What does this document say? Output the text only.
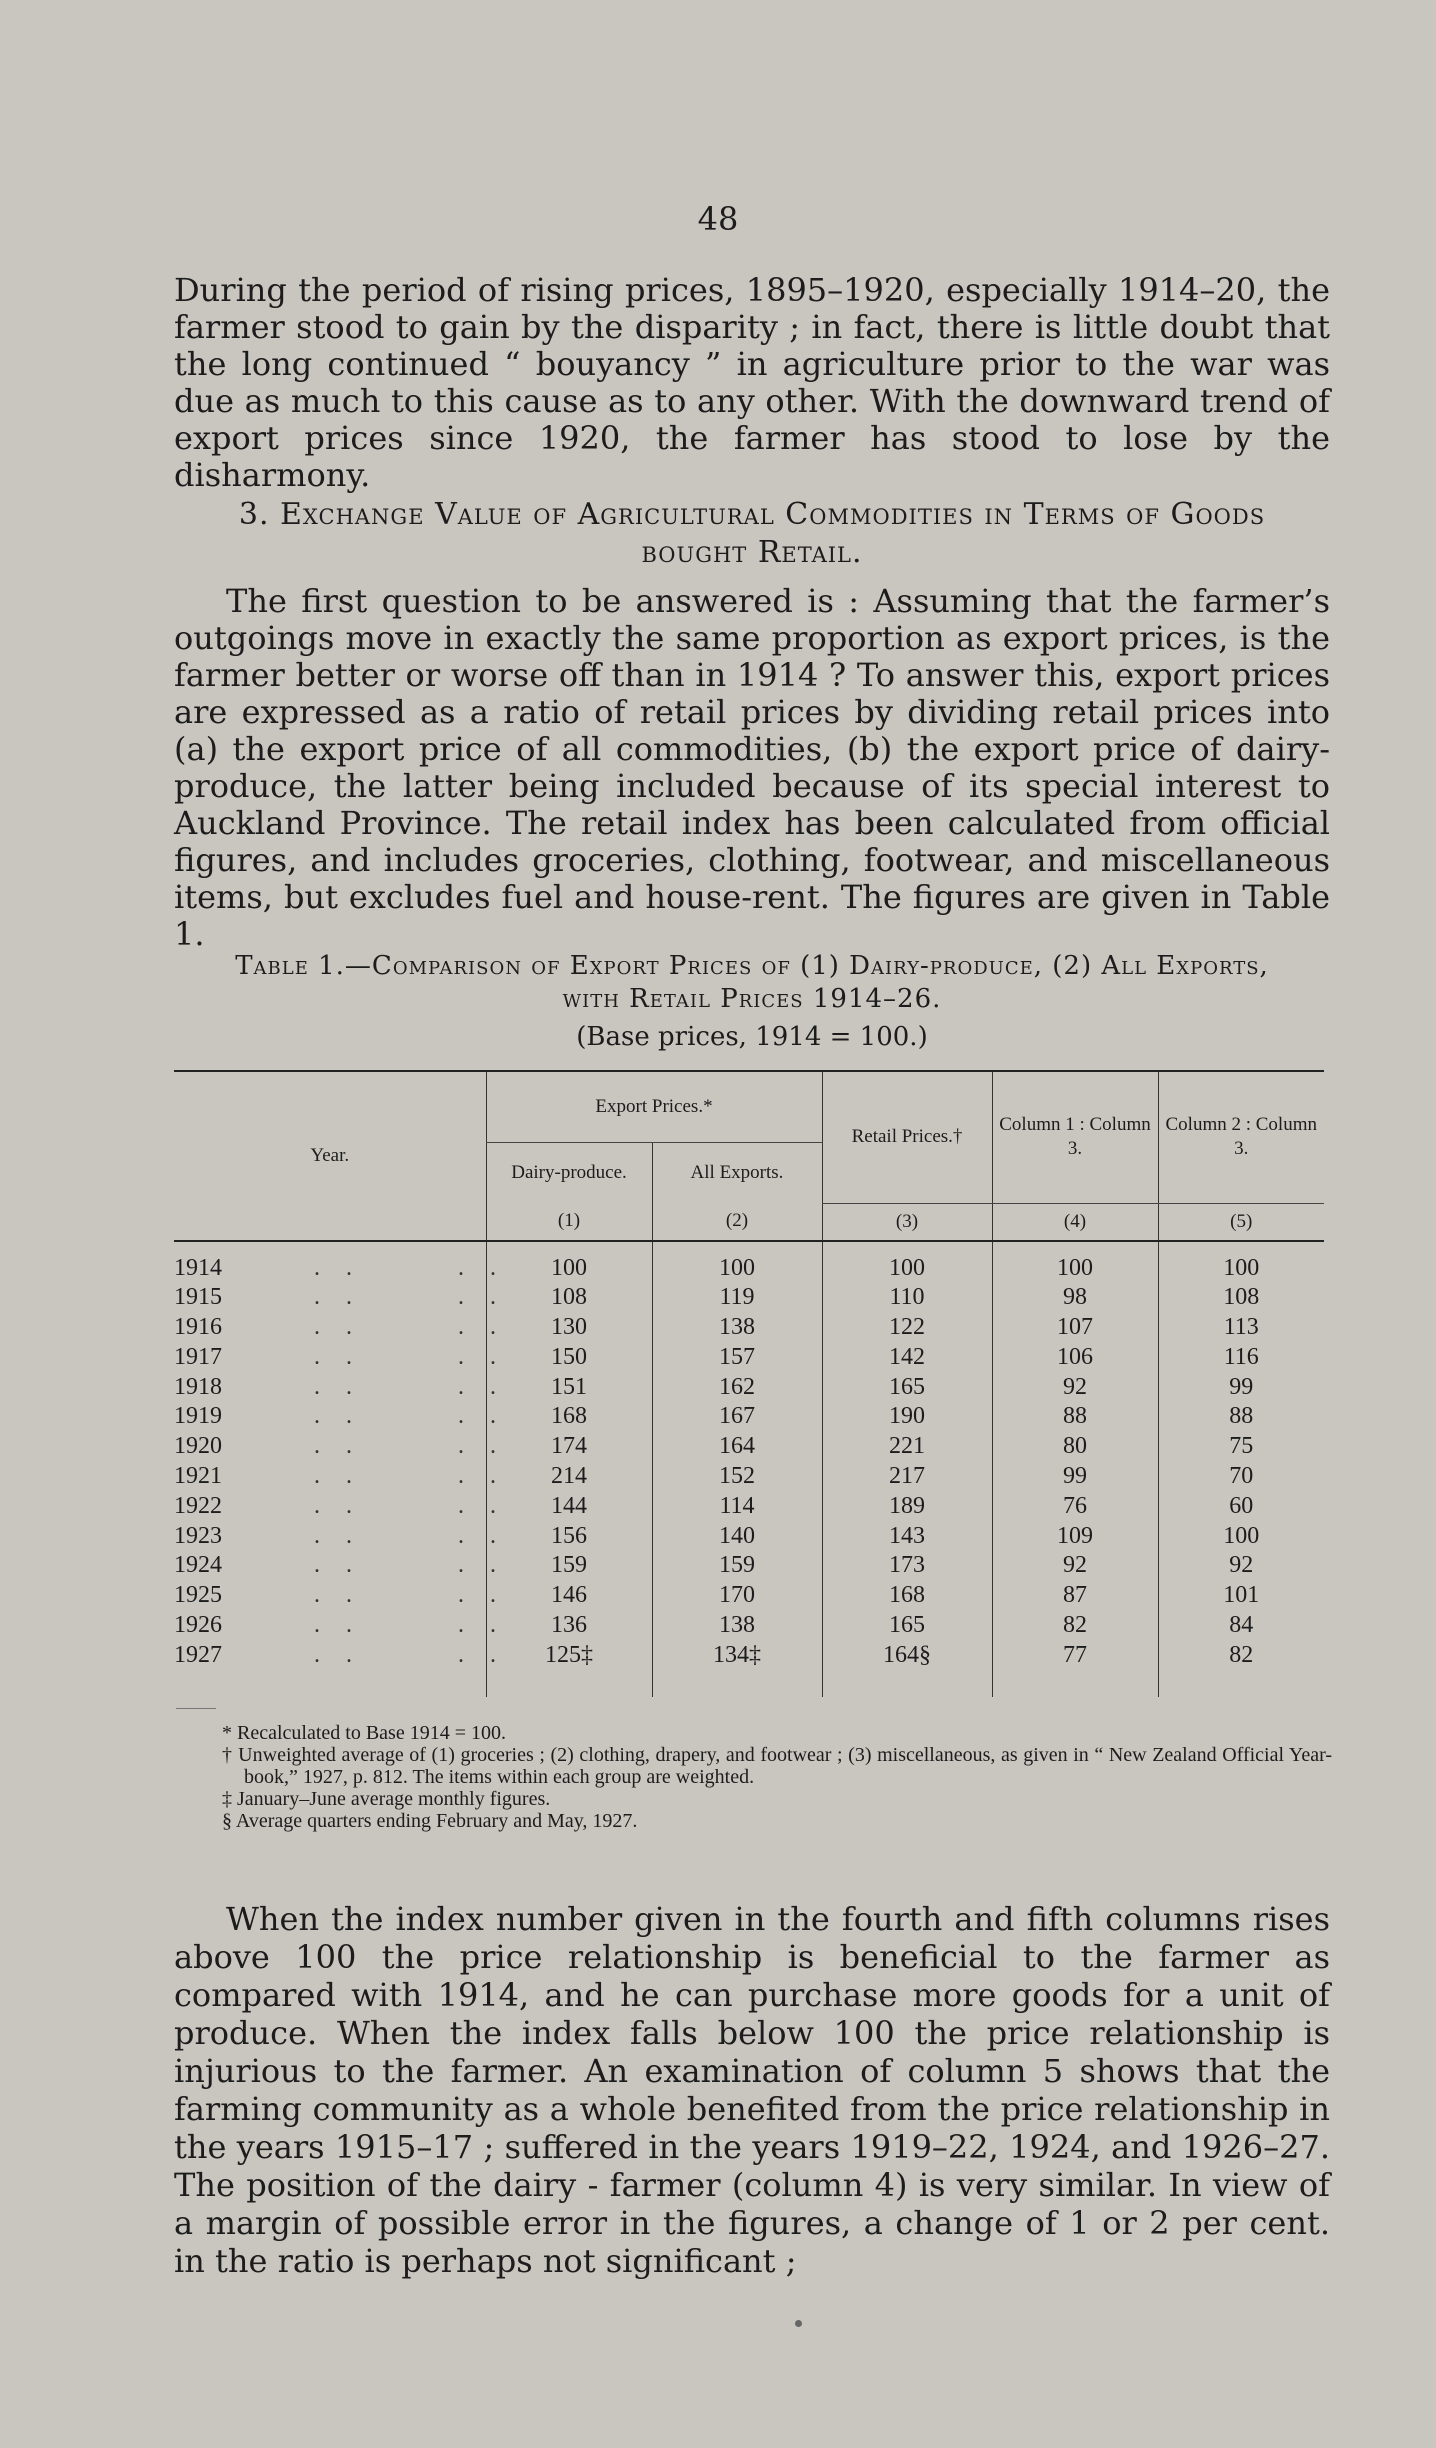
48

During the period of rising prices, 1895–1920, especially 1914–20, the farmer stood to gain by the disparity ; in fact, there is little doubt that the long continued “ bouyancy ” in agriculture prior to the war was due as much to this cause as to any other. With the downward trend of export prices since 1920, the farmer has stood to lose by the disharmony.

3. Exchange Value of Agricultural Commodities in Terms of Goods
bought Retail.

The first question to be answered is : Assuming that the farmer’s outgoings move in exactly the same proportion as export prices, is the farmer better or worse off than in 1914 ? To answer this, export prices are expressed as a ratio of retail prices by dividing retail prices into (a) the export price of all commodities, (b) the export price of dairy-produce, the latter being included because of its special interest to Auckland Province. The retail index has been calculated from official figures, and includes groceries, clothing, footwear, and miscellaneous items, but excludes fuel and house-rent. The figures are given in Table 1.

Table 1.—Comparison of Export Prices of (1) Dairy-produce, (2) All Exports,
with Retail Prices 1914–26.
(Base prices, 1914 = 100.)
Year.	Export Prices.*		Retail Prices.†	Column 1 : Column 3.	Column 2 : Column 3.
	Dairy-produce.	All Exports.			
	(1)	(2)	(3)	(4)	(5)

1914 . .      . .	100	100	100	100	100
1915 . .      . .	108	119	110	98	108
1916 . .      . .	130	138	122	107	113
1917 . .      . .	150	157	142	106	116
1918 . .      . .	151	162	165	92	99
1919 . .      . .	168	167	190	88	88
1920 . .      . .	174	164	221	80	75
1921 . .      . .	214	152	217	99	70
1922 . .      . .	144	114	189	76	60
1923 . .      . .	156	140	143	109	100
1924 . .      . .	159	159	173	92	92
1925 . .      . .	146	170	168	87	101
1926 . .      . .	136	138	165	82	84
1927 . .      . .	125‡	134‡	164§	77	82

* Recalculated to Base 1914 = 100.

† Unweighted average of (1) groceries ; (2) clothing, drapery, and footwear ; (3) miscellaneous, as given in “ New Zealand Official Year-book,” 1927, p. 812. The items within each group are weighted.

‡ January–June average monthly figures.

§ Average quarters ending February and May, 1927.

When the index number given in the fourth and fifth columns rises above 100 the price relationship is beneficial to the farmer as compared with 1914, and he can purchase more goods for a unit of produce. When the index falls below 100 the price relationship is injurious to the farmer. An examination of column 5 shows that the farming community as a whole benefited from the price relationship in the years 1915–17 ; suffered in the years 1919–22, 1924, and 1926–27. The position of the dairy - farmer (column 4) is very similar. In view of a margin of possible error in the figures, a change of 1 or 2 per cent. in the ratio is perhaps not significant ;
